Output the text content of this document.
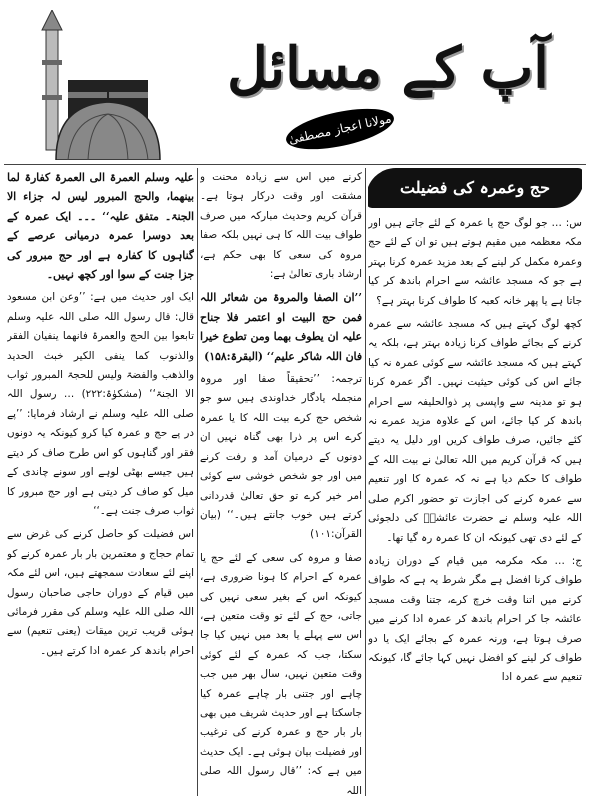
آپ کے مسائل
مولانا اعجاز مصطفیٰ
حج وعمرہ کی فضیلت

س: … جو لوگ حج یا عمرہ کے لئے جاتے ہیں اور مکہ معظمہ میں مقیم ہوتے ہیں تو ان کے لئے حج وعمرہ مکمل کر لینے کے بعد مزید عمرہ کرنا بہتر ہے جو کہ مسجد عائشہ سے احرام باندھ کر کیا جاتا ہے یا پھر خانہ کعبہ کا طواف کرنا بہتر ہے؟

کچھ لوگ کہتے ہیں کہ مسجد عائشہ سے عمرہ کرنے کے بجائے طواف کرنا زیادہ بہتر ہے، بلکہ یہ کہتے ہیں کہ مسجد عائشہ سے کوئی عمرہ نہ کیا جائے اس کی کوئی حیثیت نہیں۔ اگر عمرہ کرنا ہو تو مدینہ سے واپسی پر ذوالحلیفہ سے احرام باندھ کر کیا جائے، اس کے علاوہ مزید عمرے نہ کئے جائیں، صرف طواف کریں اور دلیل یہ دیتے ہیں کہ قرآن کریم میں اللہ تعالیٰ نے بیت اللہ کے طواف کا حکم دیا ہے نہ کہ عمرہ کا اور تنعیم سے عمرہ کرنے کی اجازت تو حضور اکرم صلی اللہ علیہ وسلم نے حضرت عائشہؓ کی دلجوئی کے لئے دی تھی کیونکہ ان کا عمرہ رہ گیا تھا۔

ج: … مکہ مکرمہ میں قیام کے دوران زیادہ طواف کرنا افضل ہے مگر شرط یہ ہے کہ طواف کرنے میں اتنا وقت خرچ کرے، جتنا وقت مسجد عائشہ جا کر احرام باندھ کر عمرہ ادا کرنے میں صرف ہوتا ہے، ورنہ عمرہ کے بجائے ایک یا دو طواف کر لینے کو افضل نہیں کہا جائے گا، کیونکہ تنعیم سے عمرہ ادا

کرنے میں اس سے زیادہ محنت و مشقت اور وقت درکار ہوتا ہے۔ قرآن کریم وحدیث مبارکہ میں صرف طواف بیت اللہ کا ہی نہیں بلکہ صفا مروہ کی سعی کا بھی حکم ہے، ارشاد باری تعالیٰ ہے:

’’ان الصفا والمروۃ من شعائر اللہ فمن حج البیت او اعتمر فلا جناح علیہ ان یطوف بھما ومن تطوع خیرا فان اللہ شاکر علیم‘‘ (البقرۃ:۱۵۸)

ترجمہ: ’’تحقیقاً صفا اور مروہ منجملہ یادگار خداوندی ہیں سو جو شخص حج کرے بیت اللہ کا یا عمرہ کرے اس پر ذرا بھی گناہ نہیں ان دونوں کے درمیان آمد و رفت کرنے میں اور جو شخص خوشی سے کوئی امر خیر کرے تو حق تعالیٰ قدردانی کرتے ہیں خوب جانتے ہیں۔‘‘ (بیان القرآن:۱۰۱)

صفا و مروہ کی سعی کے لئے حج یا عمرہ کے احرام کا ہونا ضروری ہے، کیونکہ اس کے بغیر سعی نہیں کی جاتی، حج کے لئے تو وقت متعین ہے، اس سے پہلے یا بعد میں نہیں کیا جا سکتا، جب کہ عمرہ کے لئے کوئی وقت متعین نہیں، سال بھر میں جب چاہے اور جتنی بار چاہے عمرہ کیا جاسکتا ہے اور حدیث شریف میں بھی بار بار حج و عمرہ کرنے کی ترغیب اور فضیلت بیان ہوئی ہے۔ ایک حدیث میں ہے کہ: ’’قال رسول اللہ صلی اللہ

علیہ وسلم العمرۃ الی العمرۃ کفارۃ لما بینھما، والحج المبرور لیس لہ جزاء الا الجنۃ۔ متفق علیہ‘‘ ۔۔۔ ایک عمرہ کے بعد دوسرا عمرہ درمیانی عرصے کے گناہوں کا کفارہ ہے اور حج مبرور کی جزا جنت کے سوا اور کچھ نہیں۔

ایک اور حدیث میں ہے: ’’وعن ابن مسعود قال: قال رسول اللہ صلی اللہ علیہ وسلم تابعوا بین الحج والعمرۃ فانھما ینفیان الفقر والذنوب کما ینفی الکیر خبث الحدید والذھب والفضۃ ولیس للحجۃ المبرور ثواب الا الجنۃ‘‘ (مشکوٰۃ:۲۲۲) … رسول اللہ صلی اللہ علیہ وسلم نے ارشاد فرمایا: ’’پے در پے حج و عمرہ کیا کرو کیونکہ یہ دونوں فقر اور گناہوں کو اس طرح صاف کر دیتے ہیں جیسے بھٹی لوہے اور سونے چاندی کے میل کو صاف کر دیتی ہے اور حج مبرور کا ثواب صرف جنت ہے۔‘‘

اس فضیلت کو حاصل کرنے کی غرض سے تمام حجاج و معتمرین بار بار عمرہ کرنے کو اپنے لئے سعادت سمجھتے ہیں، اس لئے مکہ میں قیام کے دوران حاجی صاحبان رسول اللہ صلی اللہ علیہ وسلم کی مقرر فرمائی ہوئی قریب ترین میقات (یعنی تنعیم) سے احرام باندھ کر عمرہ ادا کرتے ہیں۔
